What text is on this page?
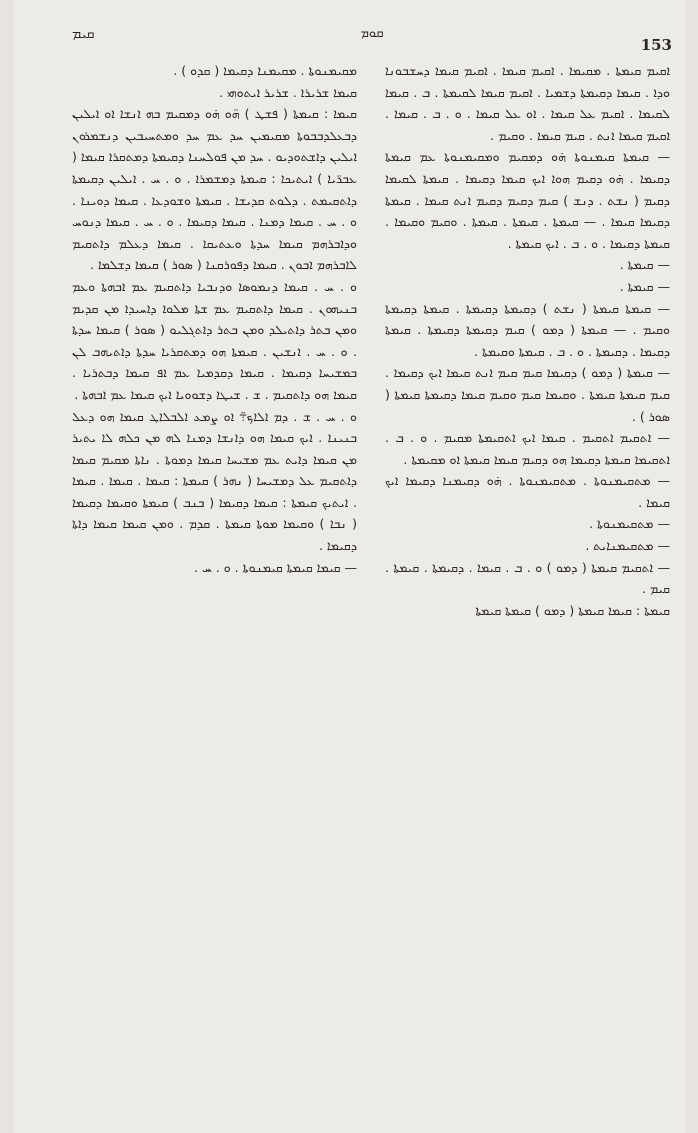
ܩܝܡ	ܩܘܡ
153
ܐܩܝܡ ܩܝܡܬܐ . ܡܩܝܡܐ . ܐܩܝܡ ܩܝܡܐ . ܐܩܝܡ ܩܝܡܐ ܕܚܫܒܘܢܐ ܘܕܐ . ܩܝܡܐ ܕܩܝܡܬܐ ܕܫܡܝܐ . ܐܩܝܡ ܩܝܡܐ ܠܩܝܡܬܐ . ܒ . ܩܝܡܐ ܠܩܝܡܐ . ܐܩܝܡ ܥܠ ܩܝܡܐ . ܐܘ ܥܠ ܩܝܡܐ . ܘ . ܒ . ܩܝܡܐ . ܐܩܝܡ ܩܝܡܐ ܐܢܬ . ܩܝܡ ܩܝܡܐ . ܘܩܝܡ .
— ܩܝܡܬܐ ܩܝܡܢܘܬܐ ܗ̇ܘ ܕܡܩܝܡ ܘܡܩܝܡܢܘܬܐ ܥܡ ܩܝܡܬܐ ܕܩܝܡܐ . ܗ̇ܘ ܕܩܝܡ ܗܘܐ ܐܝܟ ܩܝܡܐ ܕܩܝܡܐ . ܩܝܡܬܐ ܠܩܝܡܐ ܕܩܝܡ ( ܢܫܬ . ܕܢܫ ) ܩܝܡ ܕܩܝܡ ܕܩܝܡ ܐܢܬ ܩܝܡܐ . ܩܝܡܬܐ ܕܩܝܡܐ ܩܝܡܐ . — ܩܝܡܬܐ . ܩܝܡܬܐ . ܩܝܡܬܐ . ܘܩܝܡ ܘܩܝܡܐ . ܩܝܡܬܐ ܕܩܝܡܐ . ܘ . ܒ . ܐܝܟ ܩܝܡܬܐ .
— ܩܝܡܬܐ .
— ܩܝܡܬܐ .
— ܩܝܡܬܐ ܩܝܡܬܐ ( ܢܫܬ ) ܕܩܝܡܬܐ ܕܩܝܡܬܐ . ܩܝܡܬܐ ܕܩܝܡܬܐ ܘܩܝܡ . — ܩܝܡܬܐ ( ܕܡܘ ) ܩܝܡ ܕܩܝܡܬܐ ܕܩܝܡܬܐ . ܩܝܡܬܐ ܕܩܝܡܐ . ܕܩܝܡܬܐ . ܘ . ܒ . ܩܝܡܬܐ ܘܩܝܡܬܐ .
— ܩܝܡܬܐ ( ܕܡܘ ) ܕܩܝܡܐ ܩܝܡ ܩܝܡ ܐܢܬ ܩܝܡܐ ܐܝܟ ܕܩܝܡܐ . ܩܝܡ ܩܝܡܬܐ ܩܝܡܬܐ . ܘܩܝܡܐ ܩܝܡ ܘܩܝܡ ܩܝܡܐ ܕܩܝܡܬܐ ܩܝܡܬܐ ( ܣܘܪ ) .
— ܐܬܩܝܡ ܐܬܩܝܡ . ܩܝܡܐ ܐܝܟ ܐܬܩܝܡܬܐ ܡܩܝܡ . ܘ . ܒ . ܐܬܩܝܡܐ ܩܝܡܬܐ ܕܩܝܡܐ ܗܘ ܕܩܝܡ ܩܝܡܐ ܩܝܡܬܐ ܐܘ ܡܩܝܡܬܐ .
— ܡܬܩܝܡܢܘܬܐ . ܡܬܩܝܡܢܘܬܐ . ܗ̇ܘ ܕܩܝܡܢܐ ܕܩܝܡܐ ܐܝܟ ܩܝܡܐ .
— ܡܬܩܝܡܢܘܬܐ .
— ܡܬܩܝܡܢܐܝܬ .
— ܐܬܩܝܡ ܩܝܡܬܐ ( ܕܡܘ ) ܘ . ܒ . ܩܝܡܐ . ܕܩܝܡܬܐ . ܩܝܡܬܐ . ܩܝܡ .
ܩܝܡܬܐ : ܩܝܡܐ ܩܝܡܬܐ ( ܕܡܘ ) ܩܝܡܬܐ ܩܝܡܬܐ
ܡܩܝܡܢܘܬܐ . ܡܩܝܡܢܐ ܕܩܝܡܐ ( ܩܕܘ ) .
ܩܝܡܐ ܫܪܝܪܐ . ܫܪܝܪ ܐܝܬܘܗܝ .
ܩܝܡܐ : ܩܝܡܬܐ ( ܦܫܛ ) ܗ̈ܘ ܗ̇ܘ ܕܡܩܝܡ ܒܗ ܐܢܫܐ ܐܘ ܐܝܠܝܢ ܕܒܥܠܕܒܒܘܬܐ ܡܩܝܡܝܢ ܚܕ ܥܡ ܚܕ ܘܡܬܚܝܒܝܢ ܕܢܫܡܪܘܢ ܐܝܠܝܢ ܕܐܫܬܘܕܝܘ . ܚܕ ܡܢ ܦܘܠܚܢܐ ܕܩܝܡܬܐ ܕܡܬܩܪܐ ܩܝܡܐ ( ܥܒܪ̈ܝܐ ) ܐܝܬܝܟܐ : ܩܝܡܬܐ ܕܡܫܡܪܐ . ܘ . ܚ . ܐܝܠܝܢ ܕܩܝܡܬܐ ܕܐܬܩܝܡܬ . ܕܠܘܬ ܩܕܝܫܐ . ܩܝܡܬܐ ܘܫܘܕܥܐ . ܩܝܡܐ ܕܘܝܢܐ . ܘ . ܚ . ܩܝܡܐ ܕܡܢܐ . ܩܝܡܐ ܕܩܝܡܐ . ܘ . ܚ . ܩܝܡܐ ܕܢܘܚ ܘܕܐܒܪܗܡ ܩܝܡܐ ܚܕܬܐ ܘܥܬܝܩܐ . ܩܝܡܐ ܕܥܠܡ ܕܐܬܩܝܡ ܠܐܒܪܗܡ ܐܒܘܢ . ܩܝܡܐ ܕܦܘܪܩܢܐ ( ܣܘܪ ) ܩܝܡܐ ܕܫܠܡܐ .
ܘ . ܚ . ܩܝܡܐ ܕܢܡܘܣܐ ܘܕܢܒܝܐ ܕܐܬܩܝܡ ܥܡ ܐܒܗܬܐ ܘܥܡ ܒܢܝܗܘܢ . ܩܝܡܐ ܕܐܬܩܝܡ ܥܡ ܫܬܐ ܡܠܘܐ ܕܐܚܝܕܐ ܡܢ ܩܕܝܡ ܘܡܢ ܒܬܪ ܕܐܬܝܠܕ ܘܡܢ ܒܬܪ ܕܐܬܓܠܝܘ ( ܣܘܪ ) ܩܝܡܐ ܚܕܬܐ . ܘ . ܚ . ܐܢܫܝܢ . ܩܝܡܬܐ ܗܘ ܕܡܬܩܪܝܐ ܚܕܬܐ ܕܐܬܝܗܒ ܠܢ ܒܡܫܝܚܐ ܕܩܝܡܐ . ܩܝܡܐ ܕܩܕܡܝܐ ܥܡ ܐܦ ܩܝܡܐ ܕܒܬܪܝܐ . ܩܝܡܐ ܗܘ ܕܐܬܩܝܡ . ܫ . ܫܝܛܐ ܕܫܘܘܝܐ ܐܝܟ ܩܝܡܐ ܥܡ ܐܒܗܬܐ .
ܘ . ܚ . ܫ . ܕܡ ܐܠܐܟ܊ ܐܘ ܨܡܥ ܐܠܒܠܐܛ ܩܝܡܐ ܗܘ ܕܥܠ ܒܢܝܢܐ . ܐܝܟ ܩܝܡܐ ܗܘ ܕܐܢܫܐ ܕܡܢܐ ܠܗ ܡܢ ܟܠܗ ܠܐ ܝܬܝܪ ܡܢ ܩܝܡܐ ܕܐܝܬ ܥܡ ܡܫܝܚܐ ܩܝܡܐ ܕܡܘܬܐ . ܢܐܬܐ ܡܩܝܡ ܩܝܡܐ ܕܐܬܩܝܡ ܥܠ ܕܡܫܝܚܐ ( ܢܗܪ ) ܩܝܡܬܐ : ܩܝܡܐ . ܩܝܡܐ . ܩܝܡܐ . ܐܝܬܝܟ ܩܝܡܬܐ : ܩܝܡܐ ܕܩܝܡܐ ( ܒܢܒ ) ܩܝܡܬܐ ܘܩܝܡܐ ܕܩܝܡܐ ( ܢܒܐ ) ܘܩܝܡܐ ܡܘܬܐ ܩܝܡܬܐ . ܩܕܡ . ܘܡܢ ܩܝܡܐ ܩܝܡܐ ܕܐܬܐ ܕܩܝܡܐ .
— ܩܝܡܐ ܩܝܡܬܐ ܩܝܡܢܘܬܐ . ܘ . ܚ .
